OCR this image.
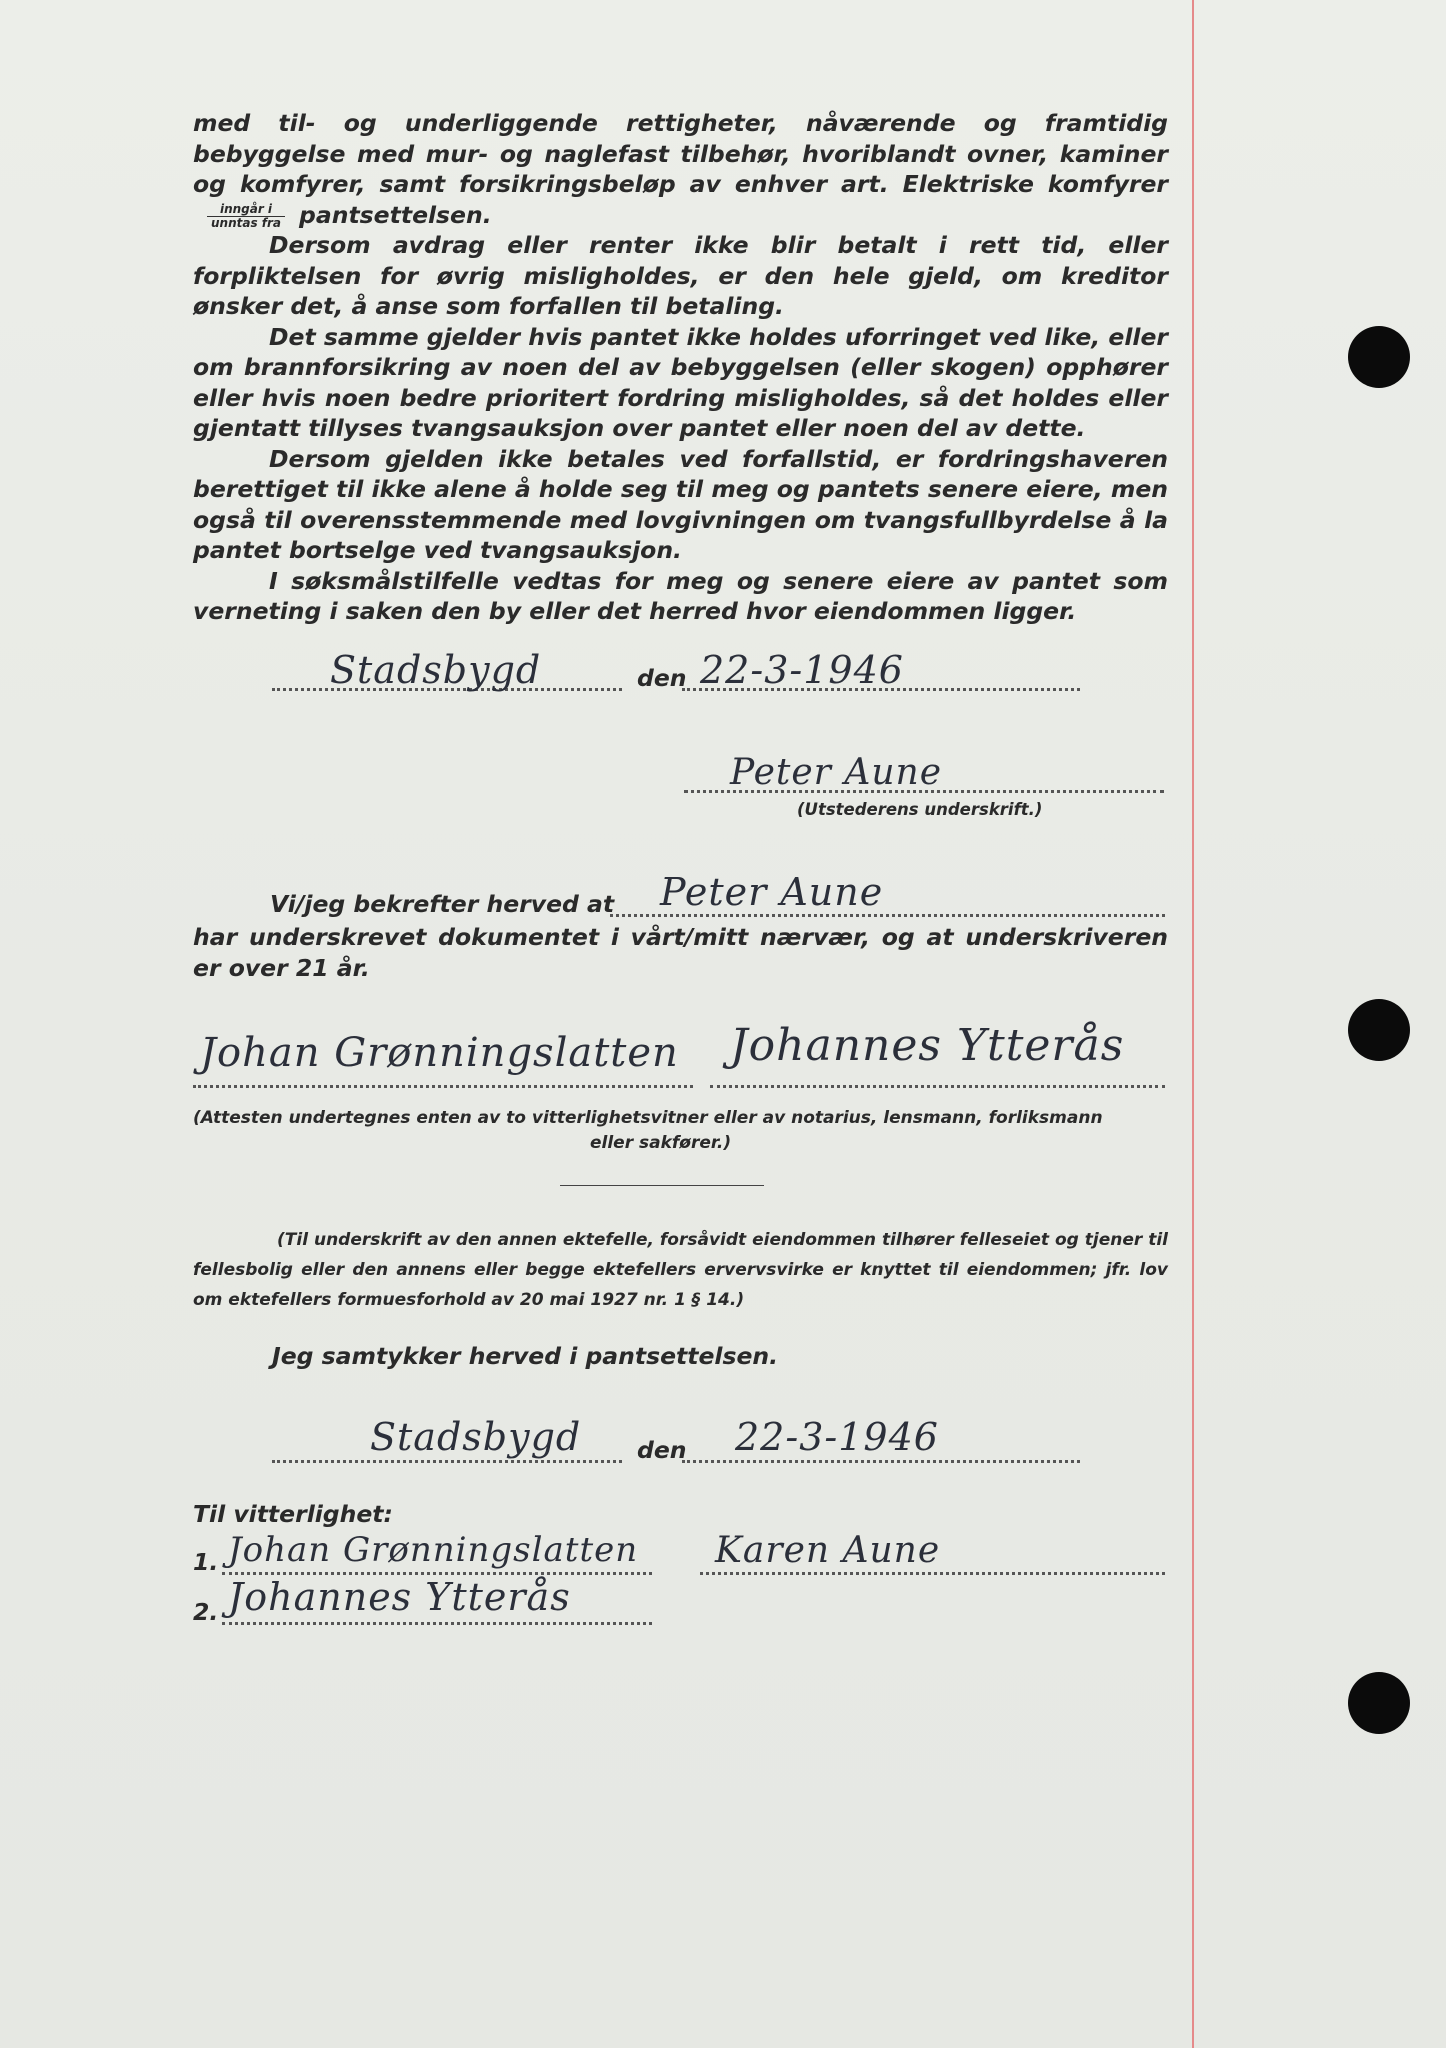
med til- og underliggende rettigheter, nåværende og framtidig bebyggelse med mur- og naglefast tilbehør, hvoriblandt ovner, kaminer og komfyrer, samt forsikringsbeløp av enhver art. Elektriske komfyrer
$\frac{\text{inngår i}}{\text{unntas fra}}$ pantsettelsen.

Dersom avdrag eller renter ikke blir betalt i rett tid, eller forpliktelsen for øvrig misligholdes, er den hele gjeld, om kreditor ønsker det, å anse som forfallen til betaling.

Det samme gjelder hvis pantet ikke holdes uforringet ved like, eller om brannforsikring av noen del av bebyggelsen (eller skogen) opphører eller hvis noen bedre prioritert fordring misligholdes, så det holdes eller gjentatt tillyses tvangsauksjon over pantet eller noen del av dette.

Dersom gjelden ikke betales ved forfallstid, er fordringshaveren berettiget til ikke alene å holde seg til meg og pantets senere eiere, men også til overensstemmende med lovgivningen om tvangsfullbyrdelse å la pantet bortselge ved tvangsauksjon.

I søksmålstilfelle vedtas for meg og senere eiere av pantet som verneting i saken den by eller det herred hvor eiendommen ligger.

Stadsbygd	den 22-3-1946
Peter Aune
(Utstederens underskrift.)
Vi/jeg bekrefter herved at Peter Aune
har underskrevet dokumentet i vårt/mitt nærvær, og at underskriveren er over 21 år.
Johan Grønningslatten Johannes Ytterås
(Attesten undertegnes enten av to vitterlighetsvitner eller av notarius, lensmann, forliksmann
eller sakfører.)
(Til underskrift av den annen ektefelle, forsåvidt eiendommen tilhører felleseiet og tjener til fellesbolig eller den annens eller begge ektefellers ervervsvirke er knyttet til eiendommen; jfr. lov om ektefellers formuesforhold av 20 mai 1927 nr. 1 § 14.)
Jeg samtykker herved i pantsettelsen.
Stadsbygd den 22-3-1946
Til vitterlighet:
1. Johan Grønningslatten
2. Johannes Ytterås
Karen Aune
